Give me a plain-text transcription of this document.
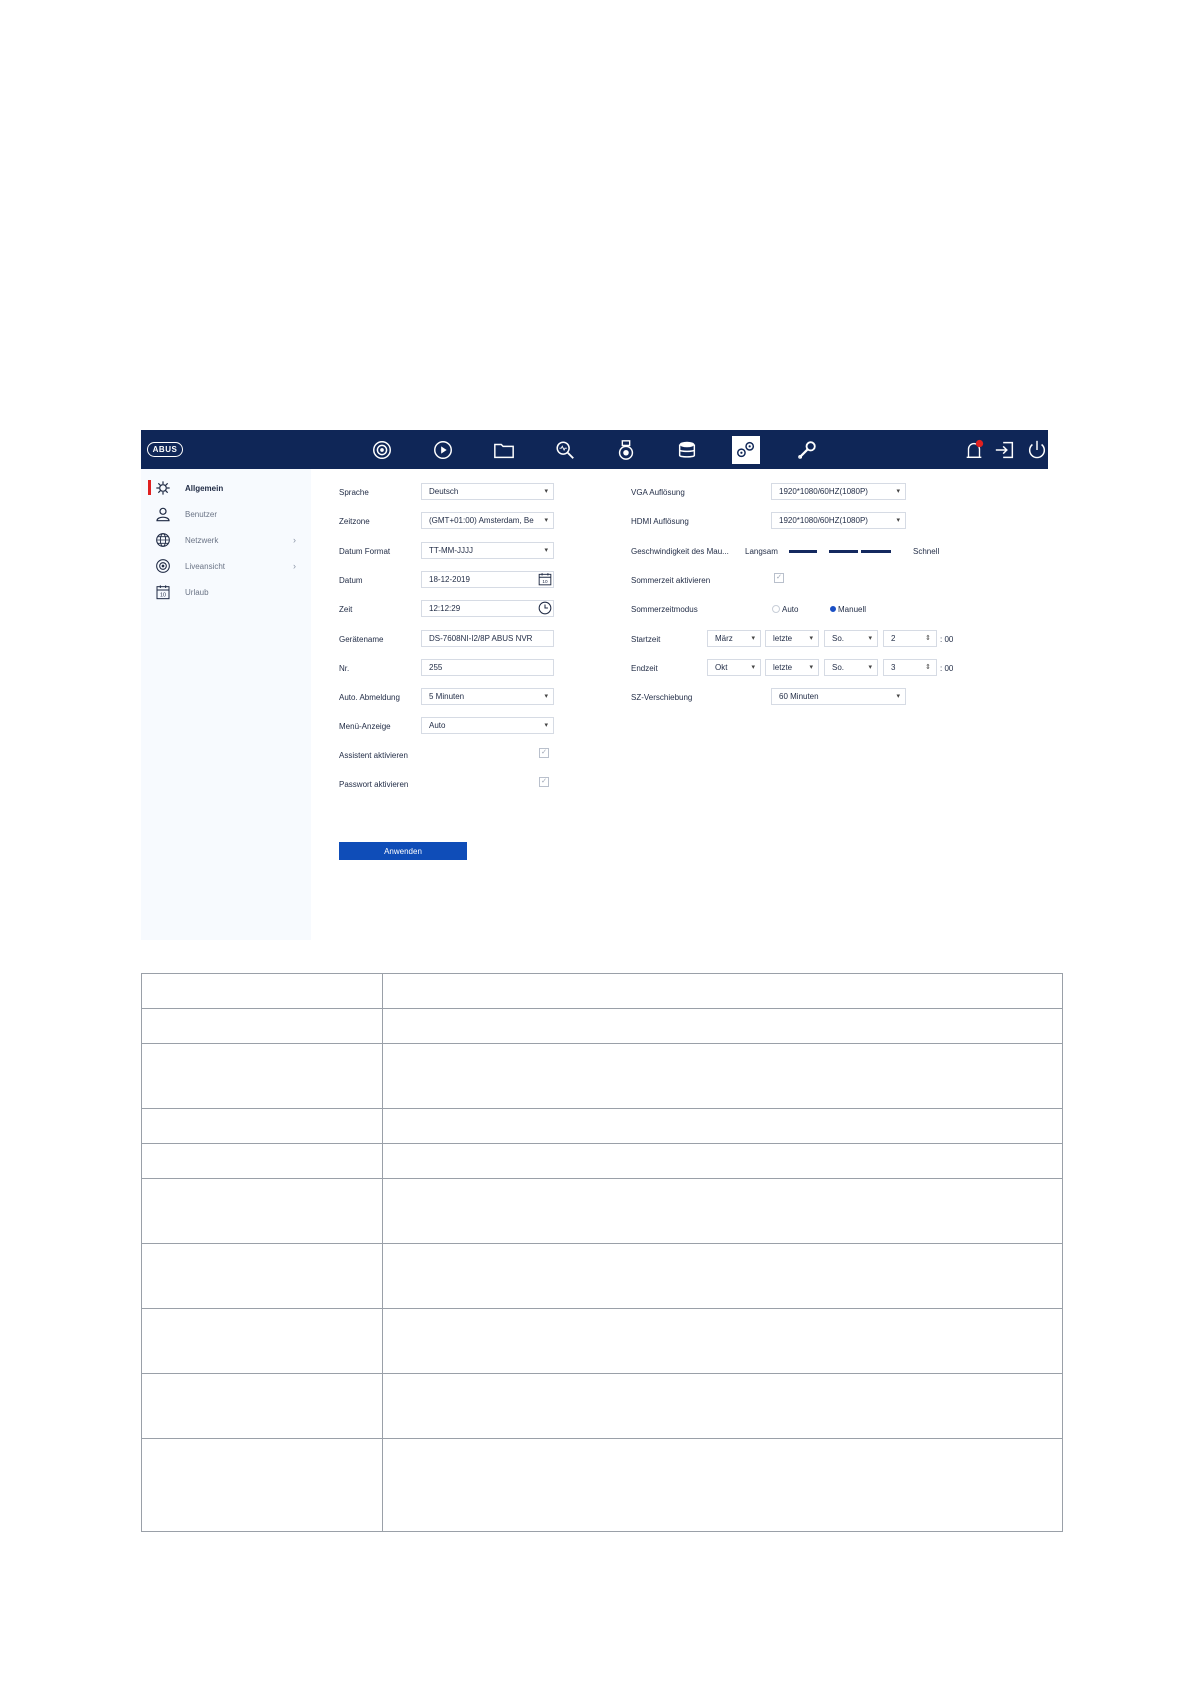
ABUS
Allgemein
Benutzer
Netzwerk	›
Liveansicht	›
10 Urlaub
Sprache	Deutsch	▾
Zeitzone	(GMT+01:00) Amsterdam, Be ▾
Datum Format	TT-MM-JJJJ	▾
Datum	18-12-2019	10
Zeit	12:12:29
Gerätename	DS-7608NI-I2/8P ABUS NVR
Nr.	255
Auto. Abmeldung	5 Minuten	▾
Menü-Anzeige	Auto	▾
Assistent aktivieren	✓
Passwort aktivieren	✓
Anwenden
VGA Auflösung	1920*1080/60HZ(1080P)	▾
HDMI Auflösung	1920*1080/60HZ(1080P)	▾
Geschwindigkeit des Mau... Langsam	Schnell
Sommerzeit aktivieren	✓
Sommerzeitmodus	Auto	Manuell
Startzeit	März	▾	letzte ▾	So.	▾	2	⇕ : 00
Endzeit	Okt	▾	letzte ▾	So.	▾	3	⇕ : 00
SZ-Verschiebung	60 Minuten	▾
